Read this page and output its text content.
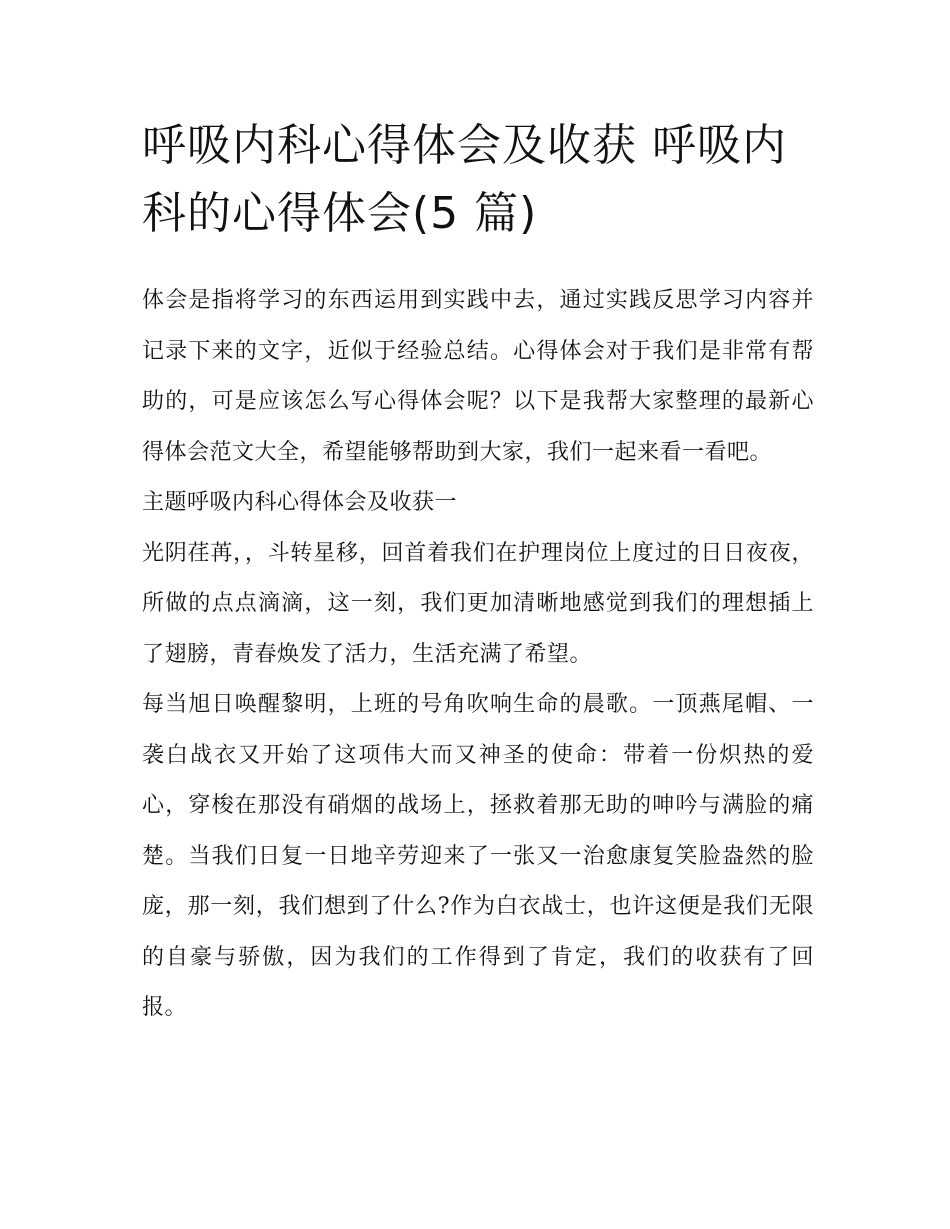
呼吸内科心得体会及收获 呼吸内科的心得体会(5 篇)

体会是指将学习的东西运用到实践中去，通过实践反思学习内容并记录下来的文字，近似于经验总结。心得体会对于我们是非常有帮助的，可是应该怎么写心得体会呢？以下是我帮大家整理的最新心得体会范文大全，希望能够帮助到大家，我们一起来看一看吧。

主题呼吸内科心得体会及收获一

光阴荏苒，，斗转星移，回首着我们在护理岗位上度过的日日夜夜，所做的点点滴滴，这一刻，我们更加清晰地感觉到我们的理想插上了翅膀，青春焕发了活力，生活充满了希望。

每当旭日唤醒黎明，上班的号角吹响生命的晨歌。一顶燕尾帽、一袭白战衣又开始了这项伟大而又神圣的使命：带着一份炽热的爱心，穿梭在那没有硝烟的战场上，拯救着那无助的呻吟与满脸的痛楚。当我们日复一日地辛劳迎来了一张又一治愈康复笑脸盎然的脸庞，那一刻，我们想到了什么?作为白衣战士，也许这便是我们无限的自豪与骄傲，因为我们的工作得到了肯定，我们的收获有了回报。
